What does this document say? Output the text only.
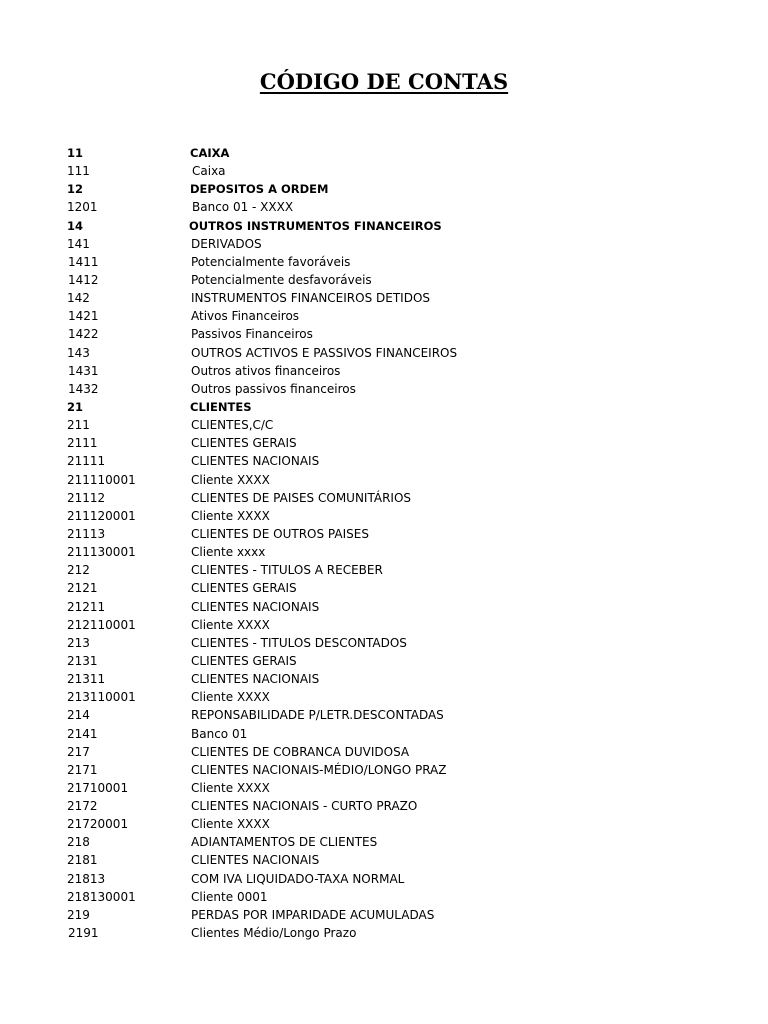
CÓDIGO DE CONTAS
11	CAIXA
111	Caixa
12	DEPOSITOS A ORDEM
1201	Banco 01 - XXXX
14	OUTROS INSTRUMENTOS FINANCEIROS
141	DERIVADOS
1411	Potencialmente favoráveis
1412	Potencialmente desfavoráveis
142	INSTRUMENTOS FINANCEIROS DETIDOS
1421	Ativos Financeiros
1422	Passivos Financeiros
143	OUTROS ACTIVOS E PASSIVOS FINANCEIROS
1431	Outros ativos financeiros
1432	Outros passivos financeiros
21	CLIENTES
211	CLIENTES,C/C
2111	CLIENTES GERAIS
21111	CLIENTES NACIONAIS
211110001	Cliente XXXX
21112	CLIENTES DE PAISES COMUNITÁRIOS
211120001	Cliente XXXX
21113	CLIENTES DE OUTROS PAISES
211130001	Cliente xxxx
212	CLIENTES - TITULOS A RECEBER
2121	CLIENTES GERAIS
21211	CLIENTES NACIONAIS
212110001	Cliente XXXX
213	CLIENTES - TITULOS DESCONTADOS
2131	CLIENTES GERAIS
21311	CLIENTES NACIONAIS
213110001	Cliente XXXX
214	REPONSABILIDADE P/LETR.DESCONTADAS
2141	Banco 01
217	CLIENTES DE COBRANCA DUVIDOSA
2171	CLIENTES NACIONAIS-MÉDIO/LONGO PRAZ
21710001	Cliente XXXX
2172	CLIENTES NACIONAIS - CURTO PRAZO
21720001	Cliente XXXX
218	ADIANTAMENTOS DE CLIENTES
2181	CLIENTES NACIONAIS
21813	COM IVA LIQUIDADO-TAXA NORMAL
218130001	Cliente 0001
219	PERDAS POR IMPARIDADE ACUMULADAS
2191	Clientes Médio/Longo Prazo
